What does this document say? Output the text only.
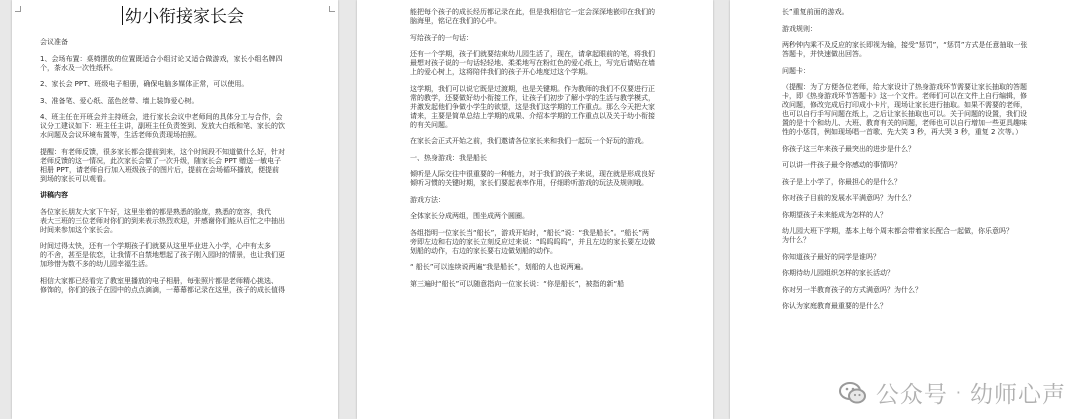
幼小衔接家长会
会议准备
1、会场布置：桌椅摆放的位置既适合小组讨论又适合做游戏，家长小组名牌四
个，茶水及一次性纸杯。
2、家长会 PPT、班级电子相册，确保电脑多媒体正常，可以使用。
3、准备笔、爱心纸、蓝色丝带、墙上装饰爱心树。
4、班主任在开班会并主持班会，进行家长会议中老师间的具体分工与合作，会
议分工建议如下：班主任主讲，副班主任负责签到、发放大白纸和笔、家长的饮
水问题及会议环境布置等，生活老师负责现场拍照。
提醒：有老师反馈，很多家长都会提前到来，这个时间段不知道做什么好，针对
老师反馈的这一情况，此次家长会做了一次升级，随家长会 PPT 赠送一敏电子
相册 PPT，请老师自行加入班级孩子的图片后，提前在会场循环播放，便提前
到场的家长可以观看。
讲稿内容
各位家长朋友大家下午好，这里坐着的都是熟悉的脸庞，熟悉的宽容，我代
表大三班的三位老师对你们的到来表示热烈欢迎，并感谢你们能从百忙之中抽出
时间来参加这个家长会。
时间过得太快，还有一个学期孩子们就要从这里毕业进入小学，心中有太多
的不舍，甚至是依恋，让我情不自禁地想起了孩子刚入园时的情景，也让我们更
加珍惜为数不多的幼儿园幸福生活。
相信大家都已经看完了教室里播放的电子相册，每张照片都是老师精心挑选、
修饰的，你们的孩子在园中的点点滴滴，一幕幕都记录在这里，孩子的成长值得
能把每个孩子的成长经历都记录在此，但是我相信它一定会深深地嵌印在我们的
脑海里，铭记在我们的心中。
写给孩子的一句话：
还有一个学期，孩子们就要结束幼儿园生活了，现在，请拿起眼前的笔，将我们
最想对孩子说的一句话轻轻地、柔柔地写在粉红色的爱心纸上，写完后请贴在墙
上的爱心树上，这将陪伴我们的孩子开心地度过这个学期。
这学期，我们可以说它既是过渡期，也是关键期。作为教师的我们不仅要进行正
常的教学，还要做好幼小衔接工作，让孩子们初步了解小学的生活与教学模式，
并激发起他们争做小学生的欲望，这是我们这学期的工作重点。那么今天把大家
请来，主要是简单总结上学期的成果、介绍本学期的工作重点以及关于幼小衔接
的有关问题。
在家长会正式开始之前，我们邀请各位家长来和我们一起玩一个好玩的游戏。
一、热身游戏：我是船长
倾听是人际交往中很重要的一种能力，对于我们的孩子来说，现在就是形成良好
倾听习惯的关键时期，家长们要起表率作用，仔细聆听游戏的玩法及规则哦。
游戏方法：
全体家长分成两组，围坐成两个圆圈。
各组指明一位家长当“船长”，游戏开始时，“船长”说：“我是船长”。“船长”两
旁即左边和右边的家长立刻反应过来说：“呜呜呜呜”，并且左边的家长要左边做
划船的动作，右边的家长要右边做划船的动作。
“ 船长”可以连续说两遍“我是船长”，划船的人也说两遍。
第三遍时“船长”可以随意指向一位家长说：“你是船长”，被指的新“船
长”重复前面的游戏。
游戏规则：
两秒钟内乘不及反应的家长即视为输，接受“惩罚”，“惩罚”方式是任意抽取一张
答题卡，并快速做出回答。
问题卡：
（提醒：为了方便各位老师，给大家设计了热身游戏环节需要让家长抽取的答题
卡，即《热身游戏环节答题卡》这一个文件。老师们可以在文件上自行编辑，修
改问题，修改完成后打印成小卡片，现场让家长进行抽取。如果不需要的老师，
也可以自行手写问题在纸上，之后让家长抽取也可以。关于问题的设置，我们设
置的是十个和幼儿、大班、教育有关的问题，老师也可以自行增加一些更具趣味
性的小惩罚，例如现场唱一首歌、先大笑 3 秒，再大哭 3 秒，重复 2 次等。）
你孩子这三年来孩子最突出的进步是什么？
可以讲一件孩子最令你感动的事情吗？
孩子是上小学了，你最担心的是什么？
你对孩子目前的发展水平满意吗？为什么？
你期望孩子未来能成为怎样的人？
幼儿园大班下学期，基本上每个周末都会带着家长配合一起做，你乐意吗？
为什么？
你知道孩子最好的同学是谁吗？
你期待幼儿园组织怎样的家长活动？
你对另一半教育孩子的方式满意吗？为什么？
你认为家庭教育最重要的是什么？
公众号 · 幼师心声
